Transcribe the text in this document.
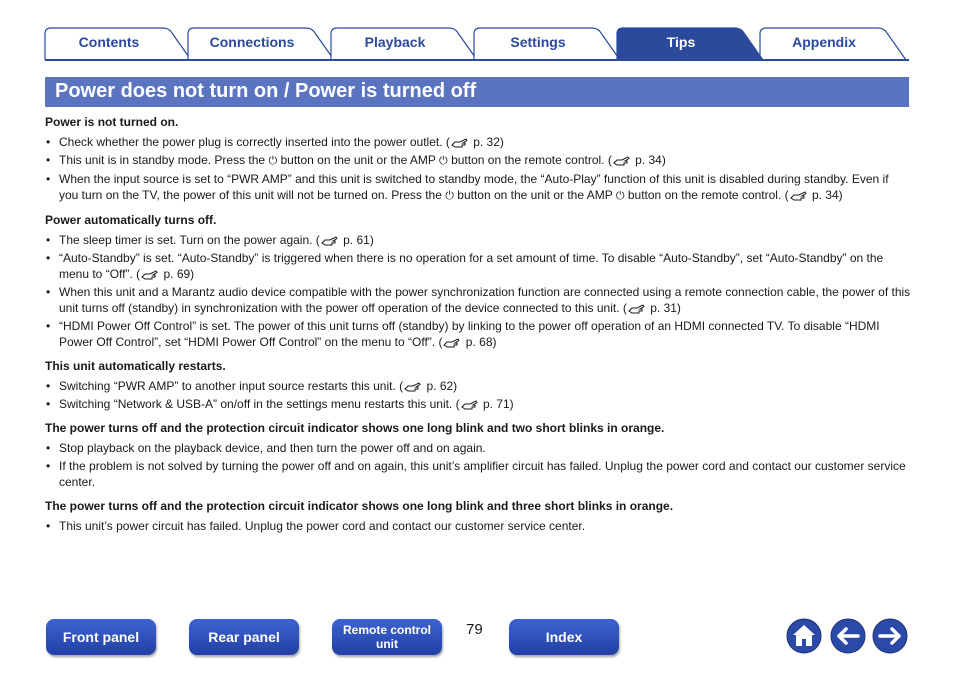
Contents	Connections	Playback	Settings	Tips	Appendix
Power does not turn on / Power is turned off
Power is not turned on.
• Check whether the power plug is correctly inserted into the power outlet. ( p. 32)
• This unit is in standby mode. Press the ⏻ button on the unit or the AMP ⏻ button on the remote control. ( p. 34)
• When the input source is set to “PWR AMP” and this unit is switched to standby mode, the “Auto-Play” function of this unit is disabled during standby. Even if you turn on the TV, the power of this unit will not be turned on. Press the ⏻ button on the unit or the AMP ⏻ button on the remote control. ( p. 34)
Power automatically turns off.
• The sleep timer is set. Turn on the power again. ( p. 61)
• “Auto-Standby” is set. “Auto-Standby” is triggered when there is no operation for a set amount of time. To disable “Auto-Standby”, set “Auto-Standby” on the menu to “Off”. ( p. 69)
• When this unit and a Marantz audio device compatible with the power synchronization function are connected using a remote connection cable, the power of this unit turns off (standby) in synchronization with the power off operation of the device connected to this unit. ( p. 31)
• “HDMI Power Off Control” is set. The power of this unit turns off (standby) by linking to the power off operation of an HDMI connected TV. To disable “HDMI Power Off Control”, set “HDMI Power Off Control” on the menu to “Off”. ( p. 68)
This unit automatically restarts.
• Switching “PWR AMP” to another input source restarts this unit. ( p. 62)
• Switching “Network & USB-A” on/off in the settings menu restarts this unit. ( p. 71)
The power turns off and the protection circuit indicator shows one long blink and two short blinks in orange.
• Stop playback on the playback device, and then turn the power off and on again.
• If the problem is not solved by turning the power off and on again, this unit’s amplifier circuit has failed. Unplug the power cord and contact our customer service center.
The power turns off and the protection circuit indicator shows one long blink and three short blinks in orange.
• This unit’s power circuit has failed. Unplug the power cord and contact our customer service center.
Front panel	Rear panel	Remote control
unit
79	Index
